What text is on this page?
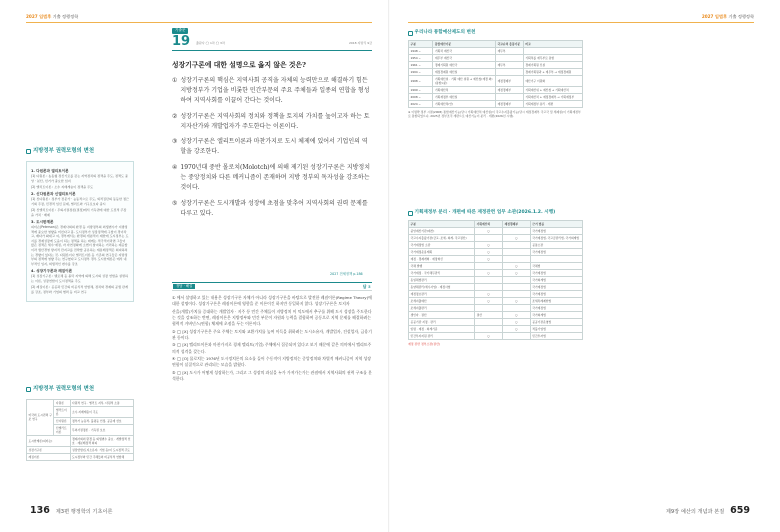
2027 입법후 기출 정행정학
지방정부 권력모형의 변천
1. 다원론과 엘리트이론
(1) 다원론 : 농동형 정신기로를 갖는 지역정치의 정책을 주도, 정책도 중앙 · 분산, 선거가 중요한 입지
(2) 엘리트이론 : 소수 지배계층이 정책을 주도
2. 신다원론과 신엘리트이론
(1) 신다원론 : 정부가 전문가 · 능동적으로 주도, 외적집단의 동등한 접근기회 주장, 민경적 입신 문제, 엘리트와 기구로보다 중시
(2) 신엘리트이론 : 무의사결정론(결정)에서 기득권에 대한 도전적 주장을 가치 · 배제
3. 도시한계론
피터슨(Peterson)은 경제사회의 환경 등 지방정부의 외생변수가 지방정책에 중요한 영향을 미친다고 봄. 도시정부가 성장정책에 구할이 경이라고, 배다가 확대고 여, 경부에서는 환경의 개념적이 제한에 도시정부는 도시를 경제성장에 도움이 되는 정책을 하는 데에는 적극적이라면 그들이 많은 정책은 세수·재정, 자 자연정화에 소엔이 참여하는 거리하는 제공할이라 생산경영 방지적 만지교를 전략할 공유하는 재분배정책은 회피하려는 경향이 있다는 것. 다원론이나 엘리트이론 등 기존의 연구들은 지방정부의 정책에 영향 주는 연구였다고 도시정부 경우 도시한계론은 에서 내부적인 입지, 외생적인 변수를 강조
4. 성장기구론과 레짐이론
(1) 성장기구론 : 벨로체 등 몰락 지역에 의해 도시의 성장 연합을 설명하는 이론, 성장연합이 도시정책을 주도
(2) 레짐이론 : 공공과 민간의 비공식적 연합체, 정치와 경제의 공생 관계를 강조, 정부와 기업의 협력 등 비교 연구
지방정부 권력모형의 변천
미국의 도시권력 구조 연구	다원론	다원적 연구 · 엘리트 지식, 다원적 소통
	엘리트이론	소수 지배계층이 주도
	신다원론	정부가 능동적, 불평등 인정, 공공재 선호
	신엘리트이론	무의사결정론 · 기득권 보호
도시한계론(피터슨)		경제사회의 환경 등 외생변수 중요 · 개발정책 선호 · 재분배정책 회피
성장기구론		성장연합(토지소유자, 기업 등)이 도시정책 주도
레짐이론		도시정부와 민간 주체들의 비공식적 연합체
136 제3편 행정학의 기초이론
기출문
19	출판사 ◯ 1차 ◯ 3차	2018 지방직 9급
성장기구론에 대한 설명으로 옳지 않은 것은?
① 성장기구론의 핵심은 지역사회 공직을 자체의 능력만으로 해결하기 힘든 지방정부가 기업을 비롯한 민간부문의 주요 주체들과 일종의 연합을 형성하여 지역사회를 이끌어 간다는 것이다.
② 성장기구론은 지역사회의 정치와 정책을 토지의 가치를 높이고자 하는 토지자산가와 개발업자가 주도한다는 이론이다.
③ 성장기구론은 엘리트이론과 마찬가지로 도시 체제에 있어서 기업인의 역할을 강조한다.
④ 1970년대 중반 몰로치(Molotch)에 의해 제기된 성장기구론은 지방정치는 중앙정치와 다른 메커니즘이 존재하며 지방 정부의 독자성을 강조하는 것이다.
⑤ 성장기구론은 도시개발과 성장에 초점을 맞추어 지역사회의 권력 문제를 다루고 있다.
2027 전체정책 p.186
정답 · 해설	답 ①

① 에서 설명하고 있는 내용은 성장기구론 자체가 아니라 성장기구론을 바탕으로 발전한 레짐이론(Regime Theory)에 대한 설명이다. 성장기구론은 레짐이론에 영향을 준 이론이긴 하지만 동일하지 않다. 성장기구론은 토지자

산을(개발)가치를 증대하는 개발업자 · 지주 등 민간 주체들이 지방정치 이 익도에서 추구를 위해 도시 성장을 주도한다는 것을 강조하는 반면, 레짐이론은 지방정부와 민간 부문이 자원과 능력을 결합하여 공동으로 지역 문제를 해결하려는 협력적 거버넌스(연합) 체제에 초점을 두는 이론이다.

② ◯ [X] 성장기구론은 주요 주체는 토지와 교환가치를 높여 이득을 취하려는 도시소유자, 개발업자, 건설업자, 금융기관 등이다.

③ ◯ [X] 엘리트이론과 마찬가지로 경제 엘리트(기업) 주체에서 집중되며 있다고 보기 때문에 같은 의미에서 엘리트주의적 성격을 갖는다.

④ ◯ [O] 몰로치는 1976년 도시정치론의 요소를 들어 수동적이 지방정치는 중앙정치와 차별적 메커니즘이 지역 성장연합이 실질적으로 관리되는 모습을 밝혔다.

⑤ ◯ [X] 도시가 어떻게 성장하는가, 그리고 그 성장의 과실을 누가 가져가는가는 관점에서 지역사회의 권력 구조를 분석한다.

2027 입법후 기출 정행정학
우리나라 통합예산제도의 변천
구분	통합예산기준	국고순의 총통기준	비고
1948 ~	기획처 예산국	재무부	
1954 ~	재무부 예산국		기획처를 재무부로 통합
1961 ~	경제기획원 예산국	재무부	경제기획원 신설
1994 ~	재정경제원 예산실		경제기획원과 + 재무부 → 재정경제원
1998 ~	기획예산위 · 기획 예산 위원 → 예산청(재경 외)(통합)(분)	재정경제부	예산기구 이원화
1999 ~	기획예산처	재정경제부	기획예산위 + 예산청 → 기획예산처
2008 ~	기획재정부 예산실		기획예산처 + 재정경제부 → 기획재정부
2024 ~	기획예산처(안)	재정경제부	기획재정부 분리 · 개편
※ 이명박 정부 시절(2008) 통합예산기능(당시 기획예산처 예산실)이 국고수지총괄기능(당시 재정경제부 국고국 및 세제실)이 기획재정부로 통합되었으나, 2025년 정부조직 개편으로 예산기능이 분리 · 개편(2026년 시행).
기획재정부 분리 · 개편에 따른 재정관련 업무 소관(2026.1.2. 시행)
구분	기획예산처	재정경제부	근거 법률
중앙예산기관(예산)	○		국가재정법
국고수지총괄기관(금고, 조세, 회계, 국고결산)		○	국가재정법, 국고금관리법, 국가회계법
국가재정법 소관	○		공통소관
국가재정운용계획	○		국가재정법
재정 · 경제개혁 · 재정혁신	○		
국채 발행		○	국채법
국가재정 · 국가채무관리	○	○	국가재정법
동일채법관리			국가회계법
동양채관리(세수사업) · 재정사업			국가재정법
재정정보관리	○		국가재정법
조세지출예산	○	○	조세특례제한법
조세지출관리			국가재정법
생인자 · 결산	결산	○	국가회계법
공공기관 지정 · 관리		○	공공기관운영법
임명 · 재정 · 회계기준		○	적불기업법
민간투자지원 관리	○		민간투자법
재정 관련 정부소관(결산)
제9장 예산의 개념과 본질 659
